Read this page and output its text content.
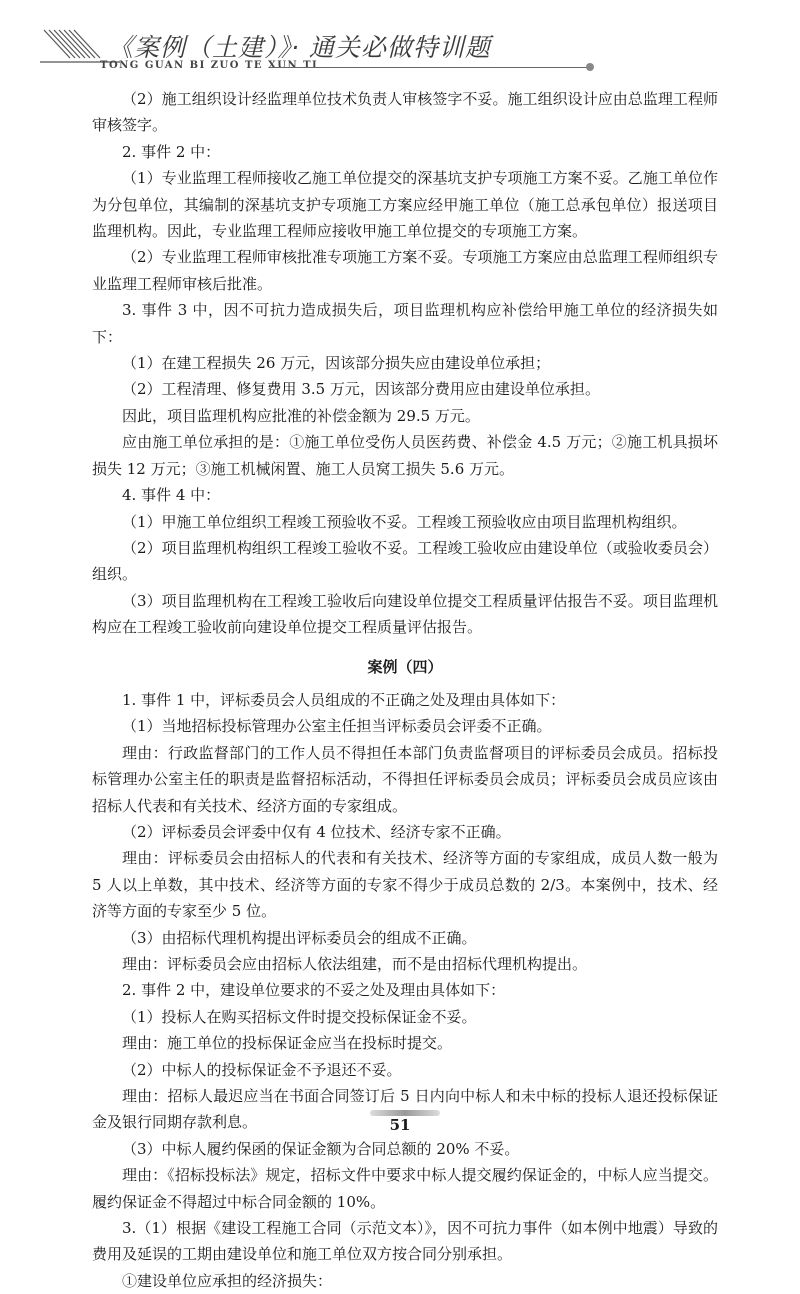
《案例（土建）》· 通关必做特训题
TONG GUAN BI ZUO TE XUN TI

（2）施工组织设计经监理单位技术负责人审核签字不妥。施工组织设计应由总监理工程师审核签字。

2. 事件 2 中：

（1）专业监理工程师接收乙施工单位提交的深基坑支护专项施工方案不妥。乙施工单位作为分包单位，其编制的深基坑支护专项施工方案应经甲施工单位（施工总承包单位）报送项目监理机构。因此，专业监理工程师应接收甲施工单位提交的专项施工方案。

（2）专业监理工程师审核批准专项施工方案不妥。专项施工方案应由总监理工程师组织专业监理工程师审核后批准。

3. 事件 3 中，因不可抗力造成损失后，项目监理机构应补偿给甲施工单位的经济损失如下：

（1）在建工程损失 26 万元，因该部分损失应由建设单位承担；

（2）工程清理、修复费用 3.5 万元，因该部分费用应由建设单位承担。

因此，项目监理机构应批准的补偿金额为 29.5 万元。

应由施工单位承担的是：①施工单位受伤人员医药费、补偿金 4.5 万元；②施工机具损坏损失 12 万元；③施工机械闲置、施工人员窝工损失 5.6 万元。

4. 事件 4 中：

（1）甲施工单位组织工程竣工预验收不妥。工程竣工预验收应由项目监理机构组织。

（2）项目监理机构组织工程竣工验收不妥。工程竣工验收应由建设单位（或验收委员会）组织。

（3）项目监理机构在工程竣工验收后向建设单位提交工程质量评估报告不妥。项目监理机构应在工程竣工验收前向建设单位提交工程质量评估报告。

案例（四）

1. 事件 1 中，评标委员会人员组成的不正确之处及理由具体如下：

（1）当地招标投标管理办公室主任担当评标委员会评委不正确。

理由：行政监督部门的工作人员不得担任本部门负责监督项目的评标委员会成员。招标投标管理办公室主任的职责是监督招标活动，不得担任评标委员会成员；评标委员会成员应该由招标人代表和有关技术、经济方面的专家组成。

（2）评标委员会评委中仅有 4 位技术、经济专家不正确。

理由：评标委员会由招标人的代表和有关技术、经济等方面的专家组成，成员人数一般为 5 人以上单数，其中技术、经济等方面的专家不得少于成员总数的 2/3。本案例中，技术、经济等方面的专家至少 5 位。

（3）由招标代理机构提出评标委员会的组成不正确。

理由：评标委员会应由招标人依法组建，而不是由招标代理机构提出。

2. 事件 2 中，建设单位要求的不妥之处及理由具体如下：

（1）投标人在购买招标文件时提交投标保证金不妥。

理由：施工单位的投标保证金应当在投标时提交。

（2）中标人的投标保证金不予退还不妥。

理由：招标人最迟应当在书面合同签订后 5 日内向中标人和未中标的投标人退还投标保证金及银行同期存款利息。

（3）中标人履约保函的保证金额为合同总额的 20% 不妥。

理由：《招标投标法》规定，招标文件中要求中标人提交履约保证金的，中标人应当提交。履约保证金不得超过中标合同金额的 10%。

3.（1）根据《建设工程施工合同（示范文本）》，因不可抗力事件（如本例中地震）导致的费用及延误的工期由建设单位和施工单位双方按合同分别承担。

①建设单位应承担的经济损失：

51
